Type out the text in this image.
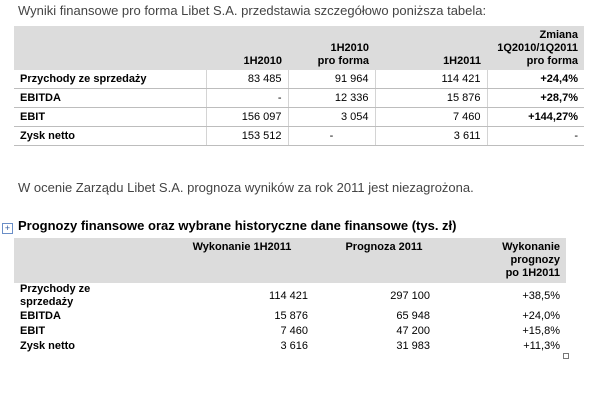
Wyniki finansowe pro forma Libet S.A. przedstawia szczegółowo poniższa tabela:
	1H2010	1H2010
pro forma	1H2011	Zmiana
1Q2010/1Q2011
pro forma
Przychody ze sprzedaży	83 485	91 964	114 421	+24,4%
EBITDA	-	12 336	15 876	+28,7%
EBIT	156 097	3 054	7 460	+144,27%
Zysk netto	153 512	-	3 611	-
W ocenie Zarządu Libet S.A. prognoza wyników za rok 2011 jest niezagrożona.
+ Prognozy finansowe oraz wybrane historyczne dane finansowe (tys. zł)
	Wykonanie 1H2011	Prognoza 2011	Wykonanie prognozy
po 1H2011
Przychody ze
sprzedaży	114 421	297 100	+38,5%
EBITDA	15 876	65 948	+24,0%
EBIT	7 460	47 200	+15,8%
Zysk netto	3 616	31 983	+11,3%
